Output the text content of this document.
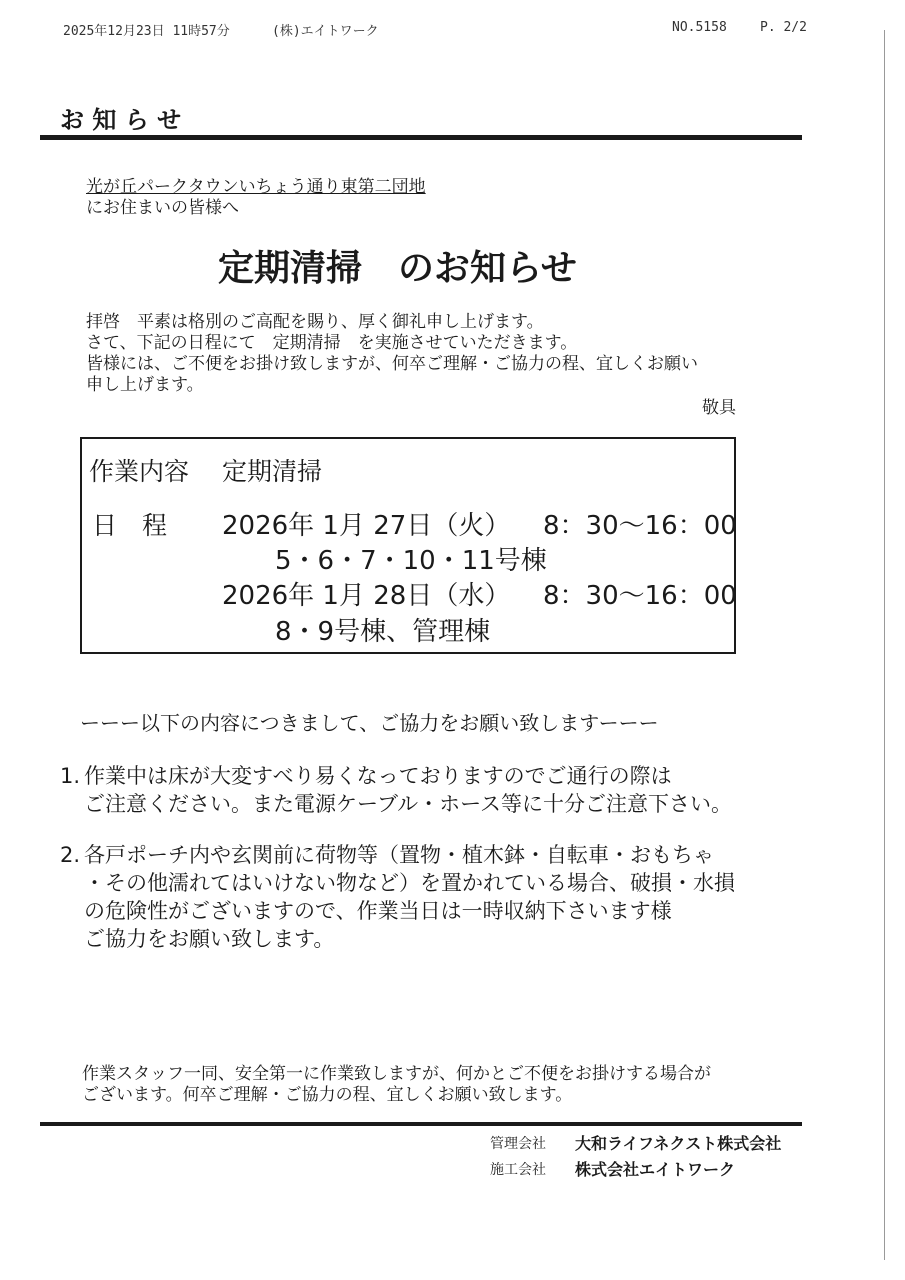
2025年12月23日 11時57分	(株)エイトワーク	NO.5158	P. 2/2
お 知 ら せ
光が丘パークタウンいちょう通り東第二団地
にお住まいの皆様へ
定期清掃　のお知らせ
拝啓　平素は格別のご高配を賜り、厚く御礼申し上げます。
さて、下記の日程にて　定期清掃　を実施させていただきます。
皆様には、ご不便をお掛け致しますが、何卒ご理解・ご協力の程、宜しくお願い
申し上げます。
敬具
作業内容 定期清掃
日　程 2026年 1月 27日（火） 8：30～16：00
5・6・7・10・11号棟
2026年 1月 28日（水） 8：30～16：00
8・9号棟、管理棟
ーーー以下の内容につきまして、ご協力をお願い致しますーーー
1. 作業中は床が大変すべり易くなっておりますのでご通行の際は
ご注意ください。また電源ケーブル・ホース等に十分ご注意下さい。
2. 各戸ポーチ内や玄関前に荷物等（置物・植木鉢・自転車・おもちゃ
・その他濡れてはいけない物など）を置かれている場合、破損・水損
の危険性がございますので、作業当日は一時収納下さいます様
ご協力をお願い致します。
作業スタッフ一同、安全第一に作業致しますが、何かとご不便をお掛けする場合が
ございます。何卒ご理解・ご協力の程、宜しくお願い致します。
管理会社 大和ライフネクスト株式会社
施工会社 株式会社エイトワーク
